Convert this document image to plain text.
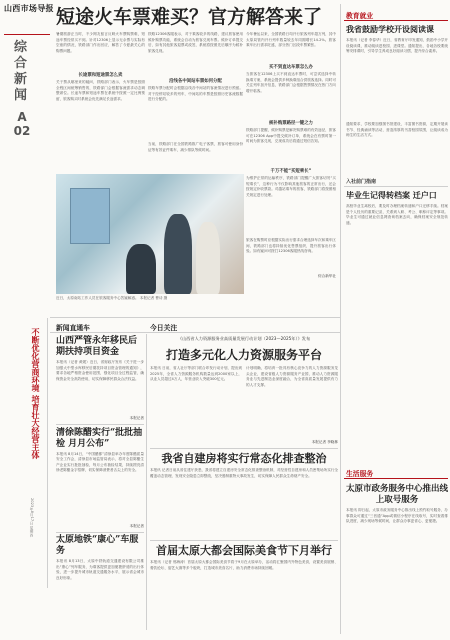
山西市场导报
综合新闻
A 02
短途火车票难买？官方解答来了
暑期旅游正当时，不少网友留言反映火车票购票难，短途车票经常买不到。针对12306上显示无余票与实际有空座的情况，铁路部门作出回应，解答了今夏最关心的购票问题。
长途票和短途票怎么卖
关于票从哪里来的疑问，铁路部门表示，火车票是按照全程区间统筹销售的，铁路部门会根据客流需求动态调整席位。长途车票和短途车票在系统中按照一定比例预留，旅客购买时系统会优先满足长途需求。
铁路12306客服表示，对于乘客较多的线路，建议旅客使用候补购票功能，系统会自动为旅客兑现车票。候补订单提交后，如有其他旅客退票或改签，系统将按照先后顺序为候补旅客兑现。
沿线各中间站车票如何分配
铁路车票分配时会根据沿线各中间站的客流情况进行预留。对于经停站较多的列车，中间站的车票是按照历史客流数据进行分配的。
当前，铁路部门在全国铁路推广电子客票，旅客可使用身份证等有效证件乘车，减少排队等候时间。
今年暑运以来，全国铁路日均开行旅客列车超万列，其中太原局管内开行列车数量较去年同期增长14.2%。旅客乘车出行需求旺盛，部分热门区段车票紧张。
买不到直达车票怎么办
当旅客在12306上买不到直达车票时，可尝试选择中转换乘方案，系统会提供多种换乘组合供旅客选择。同时可关注列车加开信息，铁路部门会根据售票情况在热门方向增开临客。
候补购票路径一键之力
铁路部门提醒，候补购票是解决购票难的有效途径，旅客可在12306 App中提交候补订单，系统会在有票时第一时间为旅客兑现，兑现成功后将通过短信告知。
千万不能“买短乘长”
为维护正常的运输秩序，铁路部门提醒广大旅客切勿“买短乘长”，这种行为不仅影响其他旅客的正常出行，还会按规定补收票款。对越站乘车的旅客，铁路部门将按照相关规定进行处理。
旅客在购票时应根据实际出行需求合理选择车次和乘车区间，铁路部门也将持续优化售票组织，提升旅客出行体验。如有疑问可拨打12306客服热线咨询。
综合新华社
近日，太原南站工作人员在旅客服务中心答疑解惑。 本报记者 曹诗 摄
不断优化营商环境 培育壮大经营主体
2023年8月17日 星期四
新闻直通车	今日关注
山西严管永年移民后期扶持项目资金
本报讯（记者 黄媛）近日，省财政厅发布《关于进一步加强大中型水库移民后期扶持项目资金管理的通知》，要求各地严格资金使用范围，强化项目全过程监管，确保资金安全高效使用，切实保障移民群众合法权益。
本报记者
清徐陈醋实行“批批抽检 月月公布”
本报讯 8月14日，“中国醋都”清徐县举办年度陈醋质量安全工作会，清徐县市场监管局表示，将对全县陈醋生产企业实行批批抽检，每月公布抽检结果，持续擦亮清徐老陈醋金字招牌，切实保障消费者舌尖上的安全。
本报记者
太原地铁“康心”车服务
本报讯 8月13日，太原中铁轨道交通建设有限公司推出“康心”列车服务，为乘客提供更加便捷舒适的出行体验，进一步提升城市轨道交通服务水平，展示省会城市良好形象。
《山西省人力资源服务业高质量发展行动计划（2023—2025年）》发布
打造多元化人力资源服务平台
本报讯 日前，省人社厅等部门联合印发行动计划，提出到2025年，全省人力资源服务机构数量达到2000家以上，从业人员超过4万人，年营业收入突破300亿元。
计划明确，将培育一批具有核心竞争力的人力资源服务龙头企业，建设省级人力资源服务产业园，推动人力资源服务业与先进制造业深度融合，为全省高质量发展提供有力的人才支撑。
本报记者 李晓林
我省自建房将实行常态化排查整治
本报讯 记者日前从省住建厅获悉，我省将建立自建房安全常态化排查整治机制，对经营性自建房和人员密集场所实行全覆盖动态管理，发现安全隐患立即整改，坚决遏制重特大事故发生，切实保障人民群众生命财产安全。
首届太原大都会国际美食节下月举行
本报讯（记者 邢海涛）首届太原大都会国际美食节将于9月在太原举办，活动将汇聚国内外特色美食，设置美食展销、餐饮论坛、厨艺大赛等多个板块，打造城市美食名片，助力消费市场持续回暖。
教育就业
我省鼓励学校开设阅读课
本报讯（记者 李春华）近日，省教育厅印发通知，鼓励中小学开设阅读课，推动阅读进校园、进课堂。通知提出，各地各校要统筹安排课时，引导学生养成良好阅读习惯，提升综合素养。
通知要求，学校要加强图书馆建设，丰富图书资源，定期开展读书节、经典诵读等活动，营造浓厚的书香校园氛围，让阅读成为师生的生活方式。
入社前门指南
毕业生记得转档案 迁户口
高校毕业生离校后，要及时办理档案转递和户口迁移手续。档案是个人经历的重要记录，关系到入职、考公、职称评定等事项。毕业生可通过就业信息网查询档案去向，确保档案安全规范转递。
生活服务
太原市政务服务中心推出线上取号服务
本报讯 即日起，太原市政务服务中心推出线上预约取号服务，办事群众可通过“三晋通”App或微信小程序在线取号，实时查看排队进度，减少现场等候时间，让群众办事更省心、更便捷。
